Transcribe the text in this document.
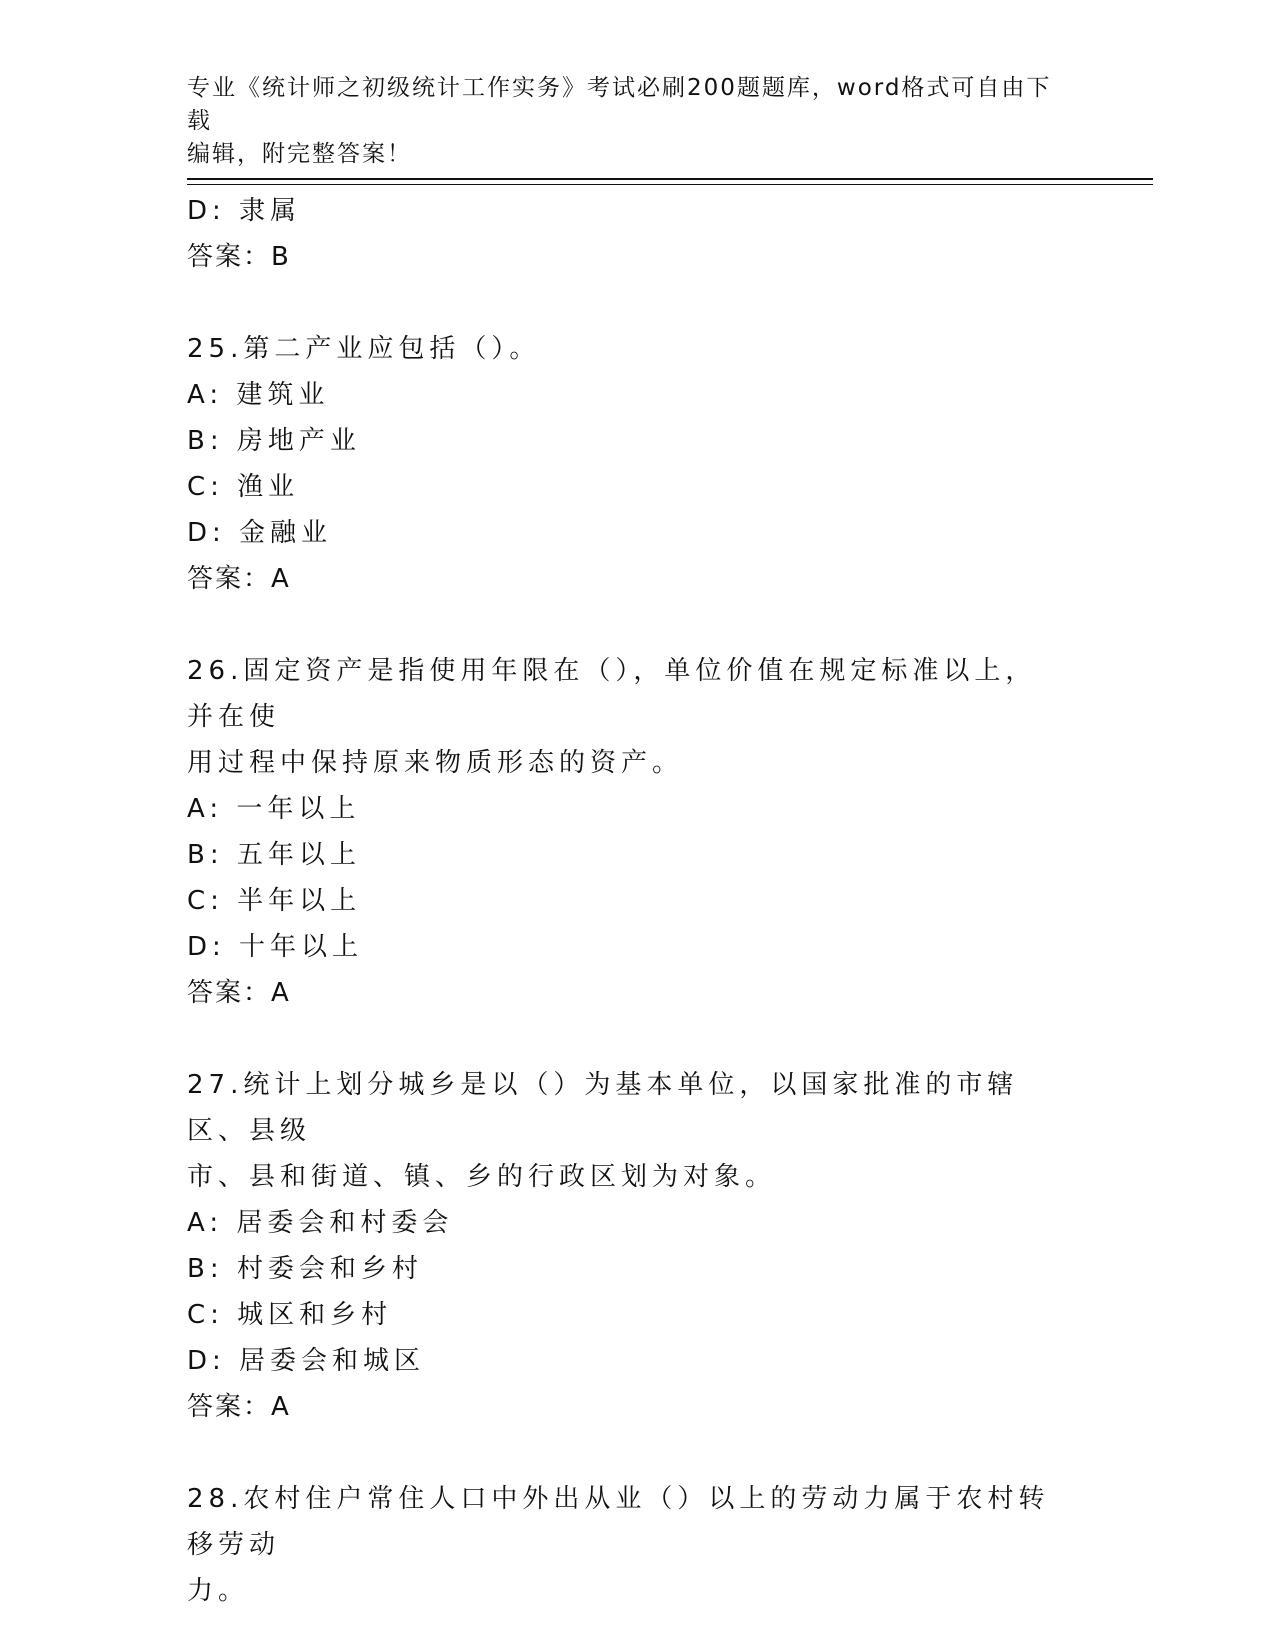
专业《统计师之初级统计工作实务》考试必刷200题题库，word格式可自由下载
编辑，附完整答案！
D: 隶属
答案：B
25.第二产业应包括（）。
A: 建筑业
B: 房地产业
C: 渔业
D: 金融业
答案：A
26.固定资产是指使用年限在（），单位价值在规定标准以上，并在使
用过程中保持原来物质形态的资产。
A: 一年以上
B: 五年以上
C: 半年以上
D: 十年以上
答案：A
27.统计上划分城乡是以（）为基本单位，以国家批准的市辖区、县级
市、县和街道、镇、乡的行政区划为对象。
A: 居委会和村委会
B: 村委会和乡村
C: 城区和乡村
D: 居委会和城区
答案：A
28.农村住户常住人口中外出从业（）以上的劳动力属于农村转移劳动
力。
